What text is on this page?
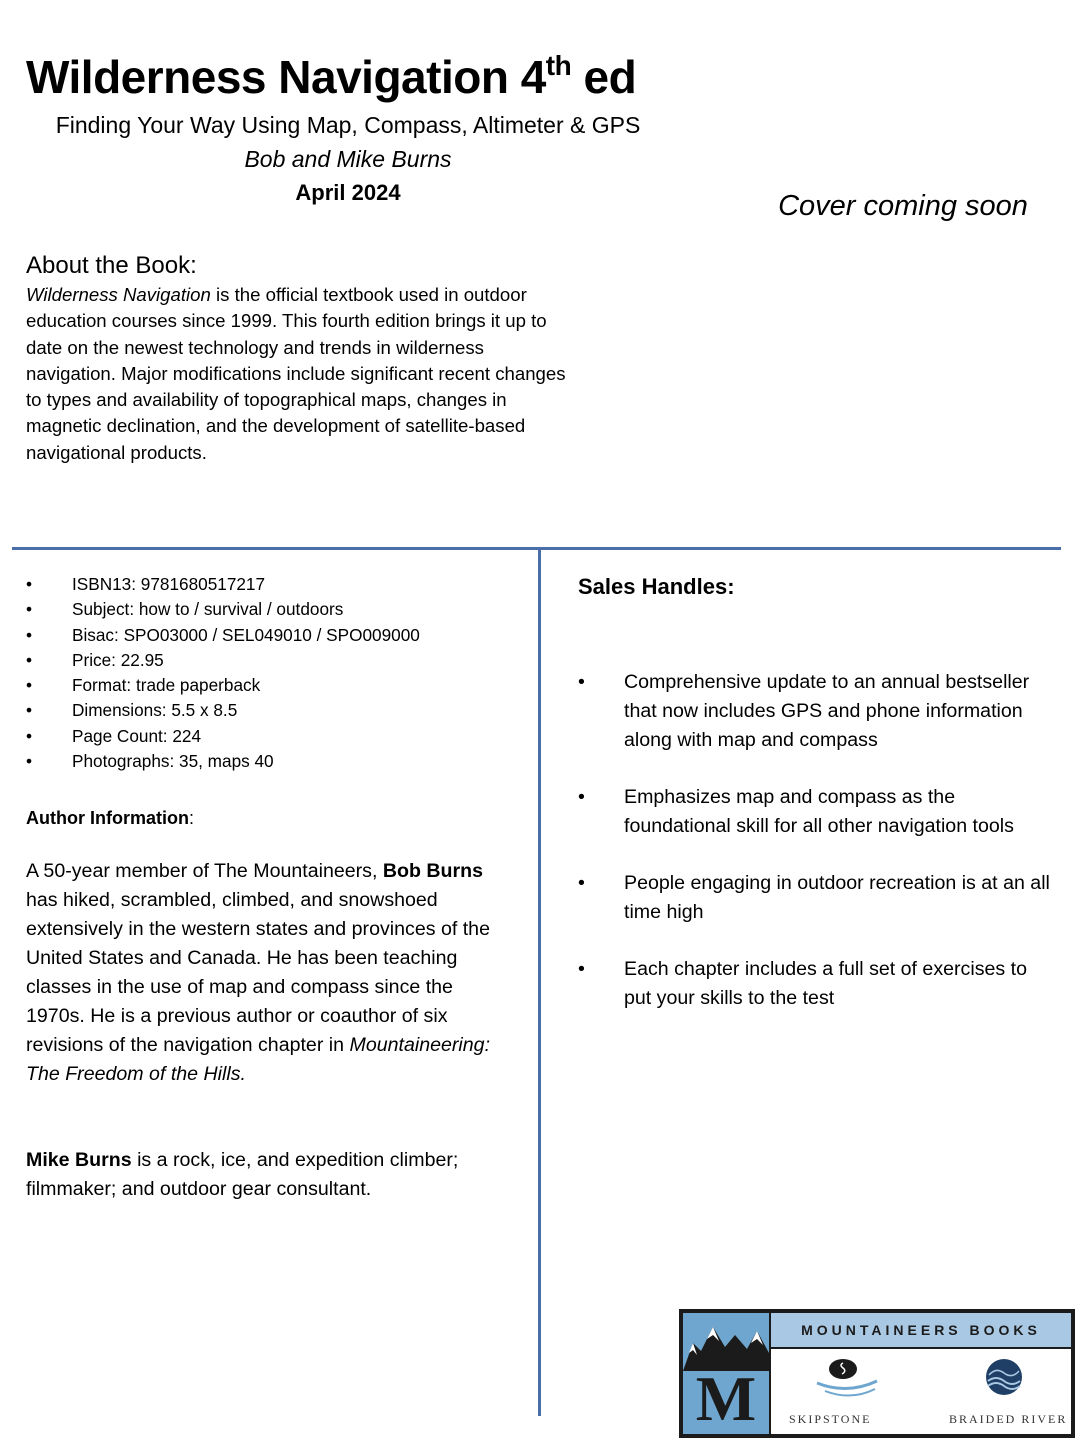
Wilderness Navigation 4th ed
Finding Your Way Using Map, Compass, Altimeter & GPS
Bob and Mike Burns
April 2024	Cover coming soon
About the Book:
Wilderness Navigation is the official textbook used in outdoor education courses since 1999. This fourth edition brings it up to date on the newest technology and trends in wilderness navigation. Major modifications include significant recent changes to types and availability of topographical maps, changes in magnetic declination, and the development of satellite-based navigational products.
• ISBN13: 9781680517217
• Subject: how to / survival / outdoors
• Bisac: SPO03000 / SEL049010 / SPO009000
• Price: 22.95
• Format: trade paperback
• Dimensions: 5.5 x 8.5
• Page Count: 224
• Photographs: 35, maps 40
Author Information:
A 50-year member of The Mountaineers, Bob Burns has hiked, scrambled, climbed, and snowshoed extensively in the western states and provinces of the United States and Canada. He has been teaching classes in the use of map and compass since the 1970s. He is a previous author or coauthor of six revisions of the navigation chapter in Mountaineering: The Freedom of the Hills.
Mike Burns is a rock, ice, and expedition climber; filmmaker; and outdoor gear consultant.
Sales Handles:
• Comprehensive update to an annual bestseller that now includes GPS and phone information along with map and compass
• Emphasizes map and compass as the foundational skill for all other navigation tools
• People engaging in outdoor recreation is at an all time high
• Each chapter includes a full set of exercises to put your skills to the test
M
MOUNTAINEERS BOOKS
SKIPSTONE	BRAIDED RIVER
